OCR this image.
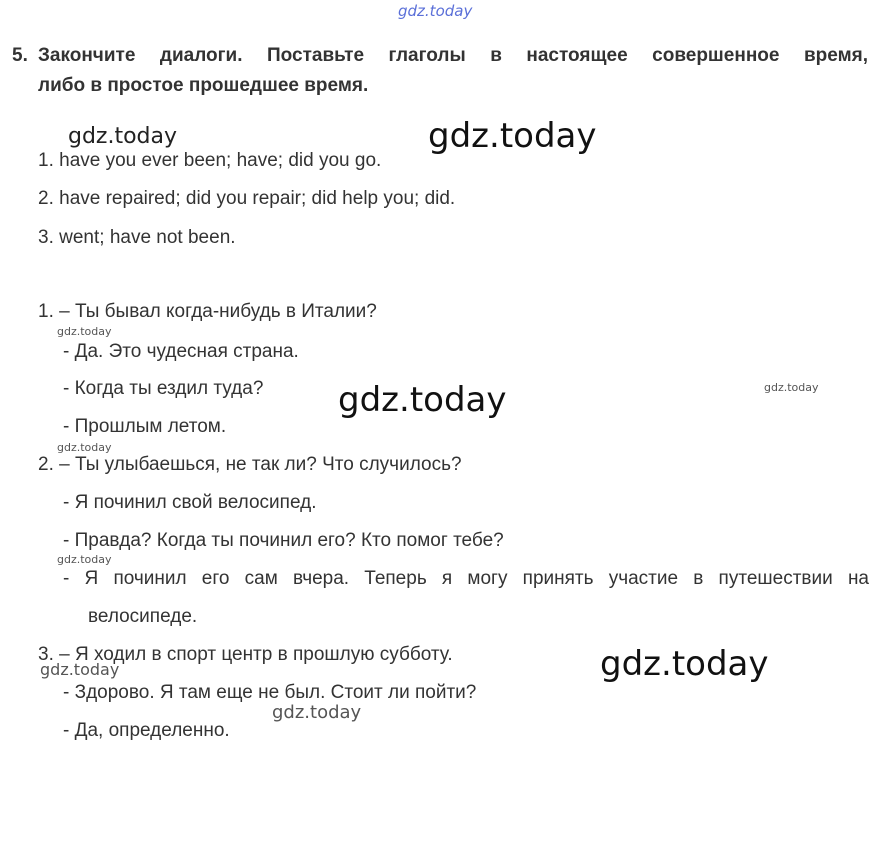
gdz.today
gdz.today	gdz.today
gdz.today
gdz.today	gdz.today
gdz.today
gdz.today
gdz.today
gdz.today
gdz.today
5. Закончите диалоги. Поставьте глаголы в настоящее совершенное время,
либо в простое прошедшее время.
1. have you ever been; have; did you go.
2. have repaired; did you repair; did help you; did.
3. went; have not been.
1. – Ты бывал когда-нибудь в Италии?
- Да. Это чудесная страна.
- Когда ты ездил туда?
- Прошлым летом.
2. – Ты улыбаешься, не так ли? Что случилось?
- Я починил свой велосипед.
- Правда? Когда ты починил его? Кто помог тебе?
- Я починил его сам вчера. Теперь я могу принять участие в путешествии на
велосипеде.
3. – Я ходил в спорт центр в прошлую субботу.
- Здорово. Я там еще не был. Стоит ли пойти?
- Да, определенно.
